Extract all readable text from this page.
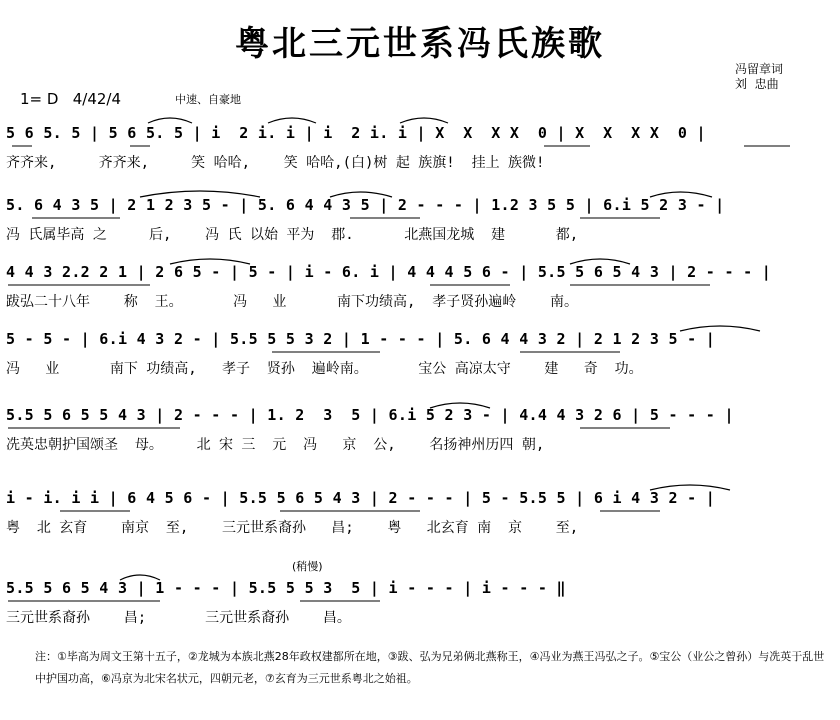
粤北三元世系冯氏族歌
冯留章词
刘  忠曲
1= D   4/42/4	中速、自豪地
5 6 5. 5 | 5 6 5. 5 | i  2 i. i | i  2 i. i | X  X  X X  0 | X  X  X X  0 |
齐齐来,     齐齐来,     笑 哈哈,    笑 哈哈,(白)树 起 族旗!  挂上 族微!
5. 6 4 3 5 | 2 1 2 3 5 - | 5. 6 4 4 3 5 | 2 - - - | 1.2 3 5 5 | 6.i 5 2 3 - |
冯 氏属毕高 之     后,    冯 氏 以始 平为  郡.      北燕国龙城  建      都,
4 4 3 2.2 2 1 | 2 6 5 - | 5 - | i - 6. i | 4 4 4 5 6 - | 5.5 5 6 5 4 3 | 2 - - - |
跋弘二十八年    称  王。      冯   业      南下功绩高,  孝子贤孙遍岭    南。
5 - 5 - | 6.i 4 3 2 - | 5.5 5 5 3 2 | 1 - - - | 5. 6 4 4 3 2 | 2 1 2 3 5 - |
冯   业      南下 功绩高,   孝子  贤孙  遍岭南。      宝公 高凉太守    建   奇  功。
5.5 5 6 5 5 4 3 | 2 - - - | 1. 2  3  5 | 6.i 5 2 3 - | 4.4 4 3 2 6 | 5 - - - |
冼英忠朝护国颂圣  母。    北 宋 三  元  冯   京  公,    名扬神州历四 朝,
i - i. i i | 6 4 5 6 - | 5.5 5 6 5 4 3 | 2 - - - | 5 - 5.5 5 | 6 i 4 3 2 - |
粤  北 玄育    南京  至,    三元世系裔孙   昌;    粤   北玄育 南  京    至,
(稍慢)
5.5 5 6 5 4 3 | 1 - - - | 5.5 5 5 3  5 | i - - - | i - - - ‖
三元世系裔孙    昌;       三元世系裔孙    昌。
注：①毕高为周文王第十五子，②龙城为本族北燕28年政权建都所在地，③跋、弘为兄弟俩北燕称王，④冯业为燕王冯弘之子。⑤宝公（业公之曾孙）与冼英于乱世中护国功高，⑥冯京为北宋名状元，四朝元老，⑦玄育为三元世系粤北之始祖。
